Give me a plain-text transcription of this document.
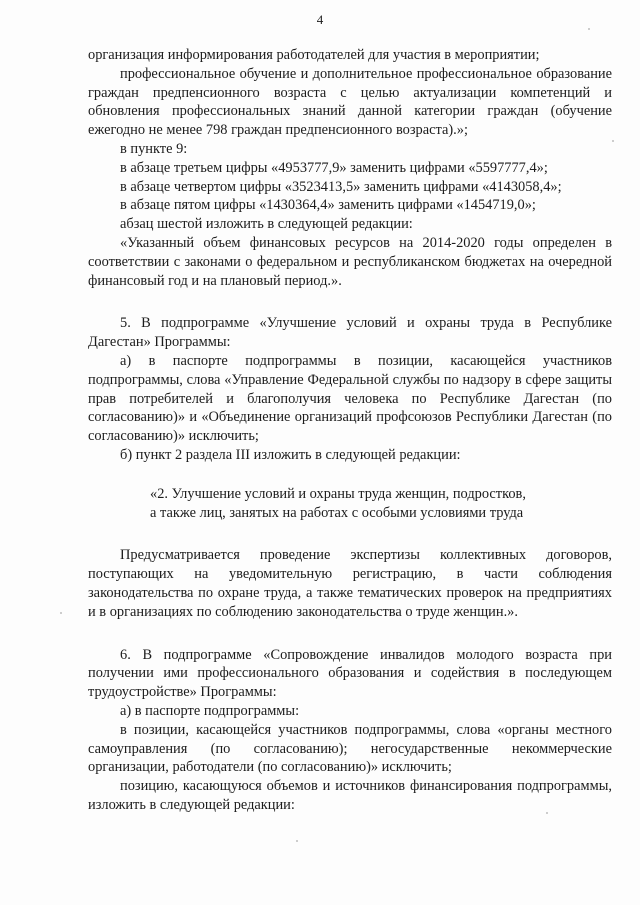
4

организация информирования работодателей для участия в мероприятии;

профессиональное обучение и дополнительное профессиональное образование граждан предпенсионного возраста с целью актуализации компетенций и обновления профессиональных знаний данной категории граждан (обучение ежегодно не менее 798 граждан предпенсионного возраста).»;

в пункте 9:

в абзаце третьем цифры «4953777,9» заменить цифрами «5597777,4»;

в абзаце четвертом цифры «3523413,5» заменить цифрами «4143058,4»;

в абзаце пятом цифры «1430364,4» заменить цифрами «1454719,0»;

абзац шестой изложить в следующей редакции:

«Указанный объем финансовых ресурсов на 2014-2020 годы определен в соответствии с законами о федеральном и республиканском бюджетах на очередной финансовый год и на плановый период.».

5. В подпрограмме «Улучшение условий и охраны труда в Республике Дагестан» Программы:

а) в паспорте подпрограммы в позиции, касающейся участников подпрограммы, слова «Управление Федеральной службы по надзору в сфере защиты прав потребителей и благополучия человека по Республике Дагестан (по согласованию)» и «Объединение организаций профсоюзов Республики Дагестан (по согласованию)» исключить;

б) пункт 2 раздела III изложить в следующей редакции:

«2. Улучшение условий и охраны труда женщин, подростков,

а также лиц, занятых на работах с особыми условиями труда

Предусматривается проведение экспертизы коллективных договоров, поступающих на уведомительную регистрацию, в части соблюдения законодательства по охране труда, а также тематических проверок на предприятиях и в организациях по соблюдению законодательства о труде женщин.».

6. В подпрограмме «Сопровождение инвалидов молодого возраста при получении ими профессионального образования и содействия в последующем трудоустройстве» Программы:

а) в паспорте подпрограммы:

в позиции, касающейся участников подпрограммы, слова «органы местного самоуправления (по согласованию); негосударственные некоммерческие организации, работодатели (по согласованию)» исключить;

позицию, касающуюся объемов и источников финансирования подпрограммы, изложить в следующей редакции:
